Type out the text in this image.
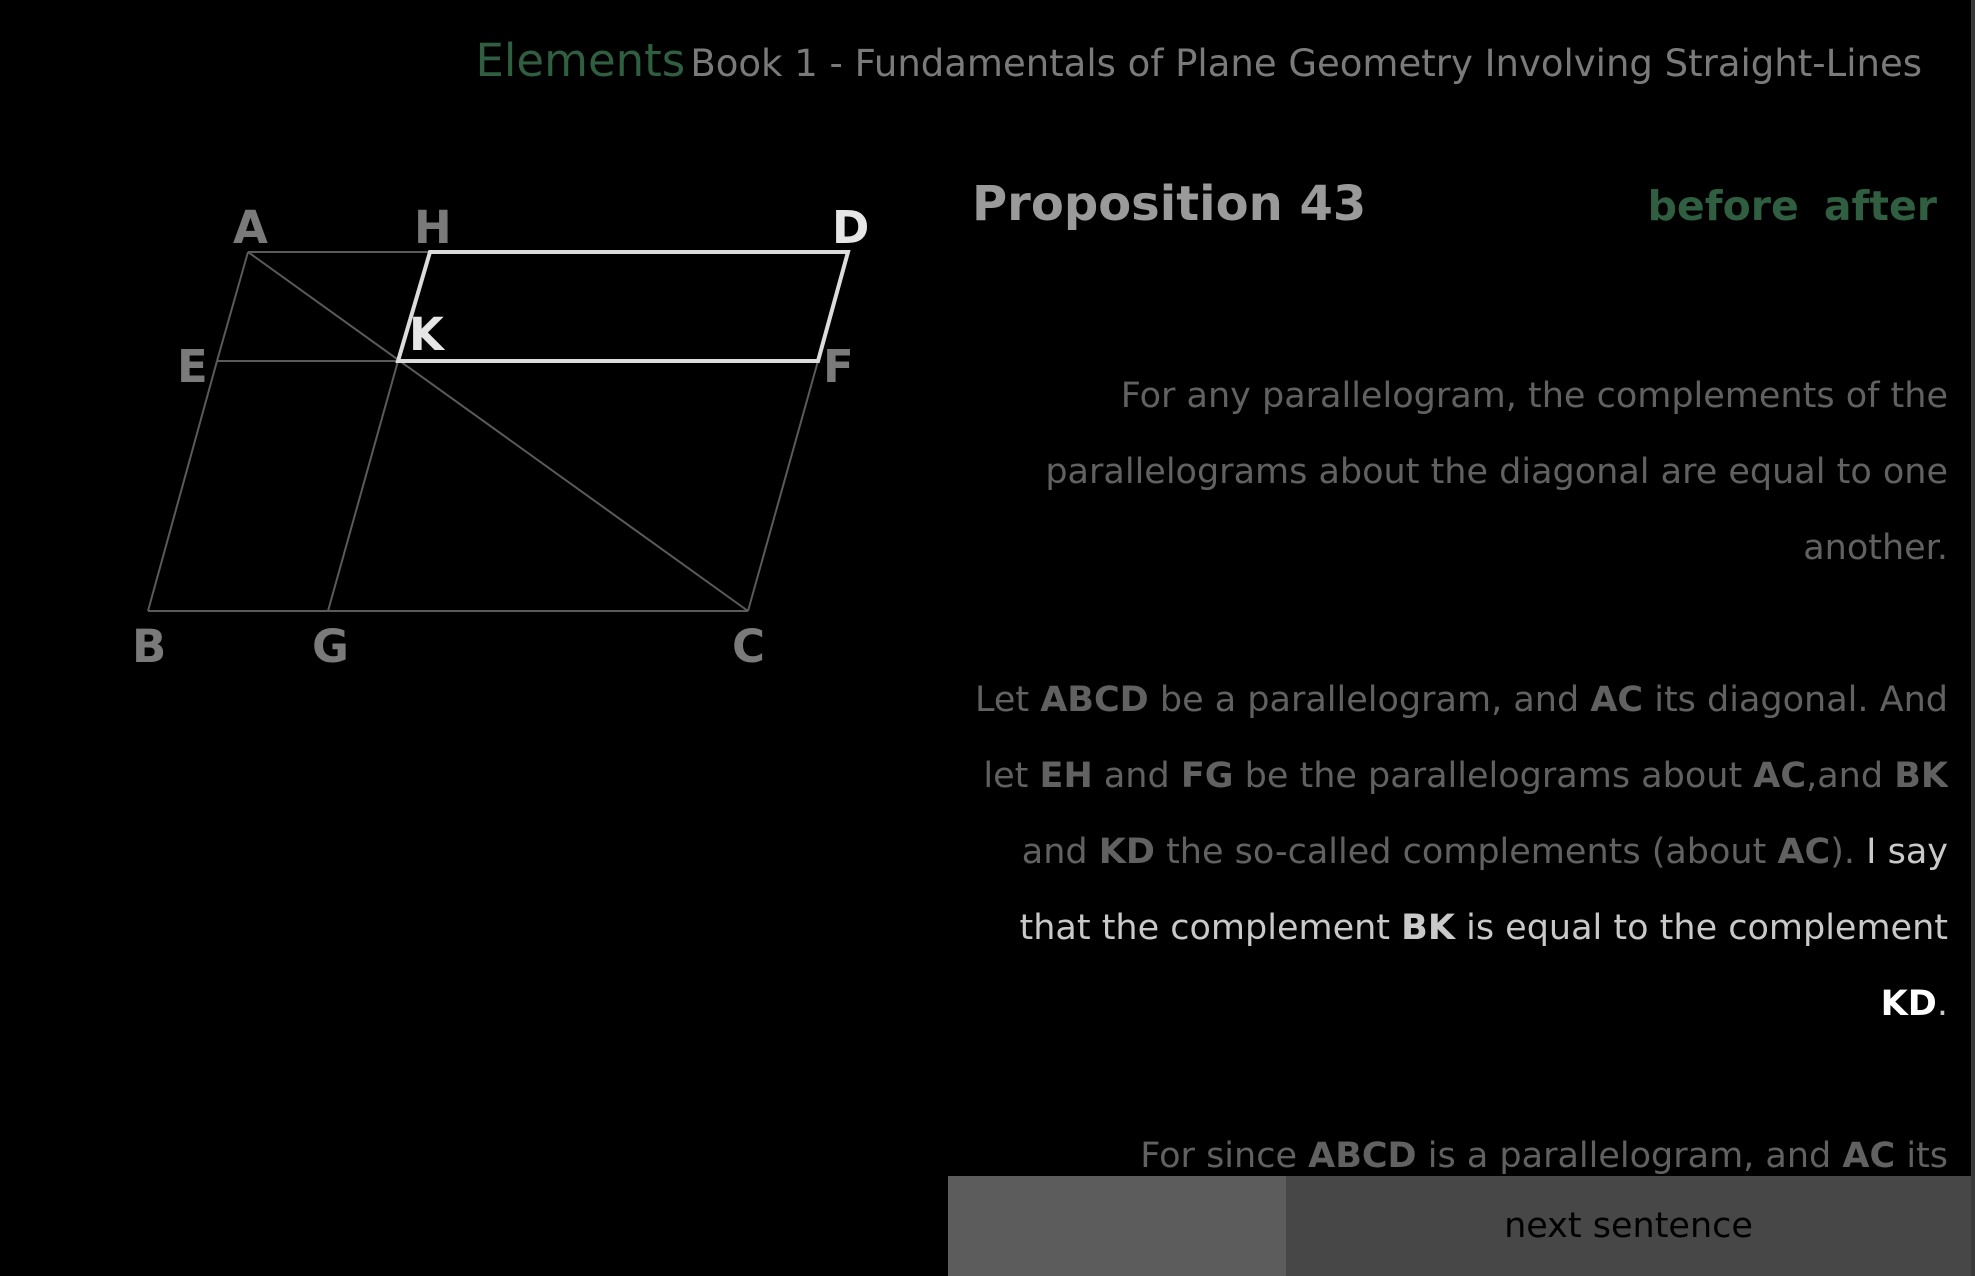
Elements Book 1 - Fundamentals of Plane Geometry Involving Straight-Lines
A	H	D
K
E	F
B	G	C
Proposition 43	before after

For any parallelogram, the complements of the parallelograms about the diagonal are equal to one another.

Let ABCD be a parallelogram, and AC its diagonal. And let EH and FG be the parallelograms about AC,and BK and KD the so-called complements (about AC). I say that the complement BK is equal to the complement KD.

For since ABCD is a parallelogram, and AC its

next sentence
